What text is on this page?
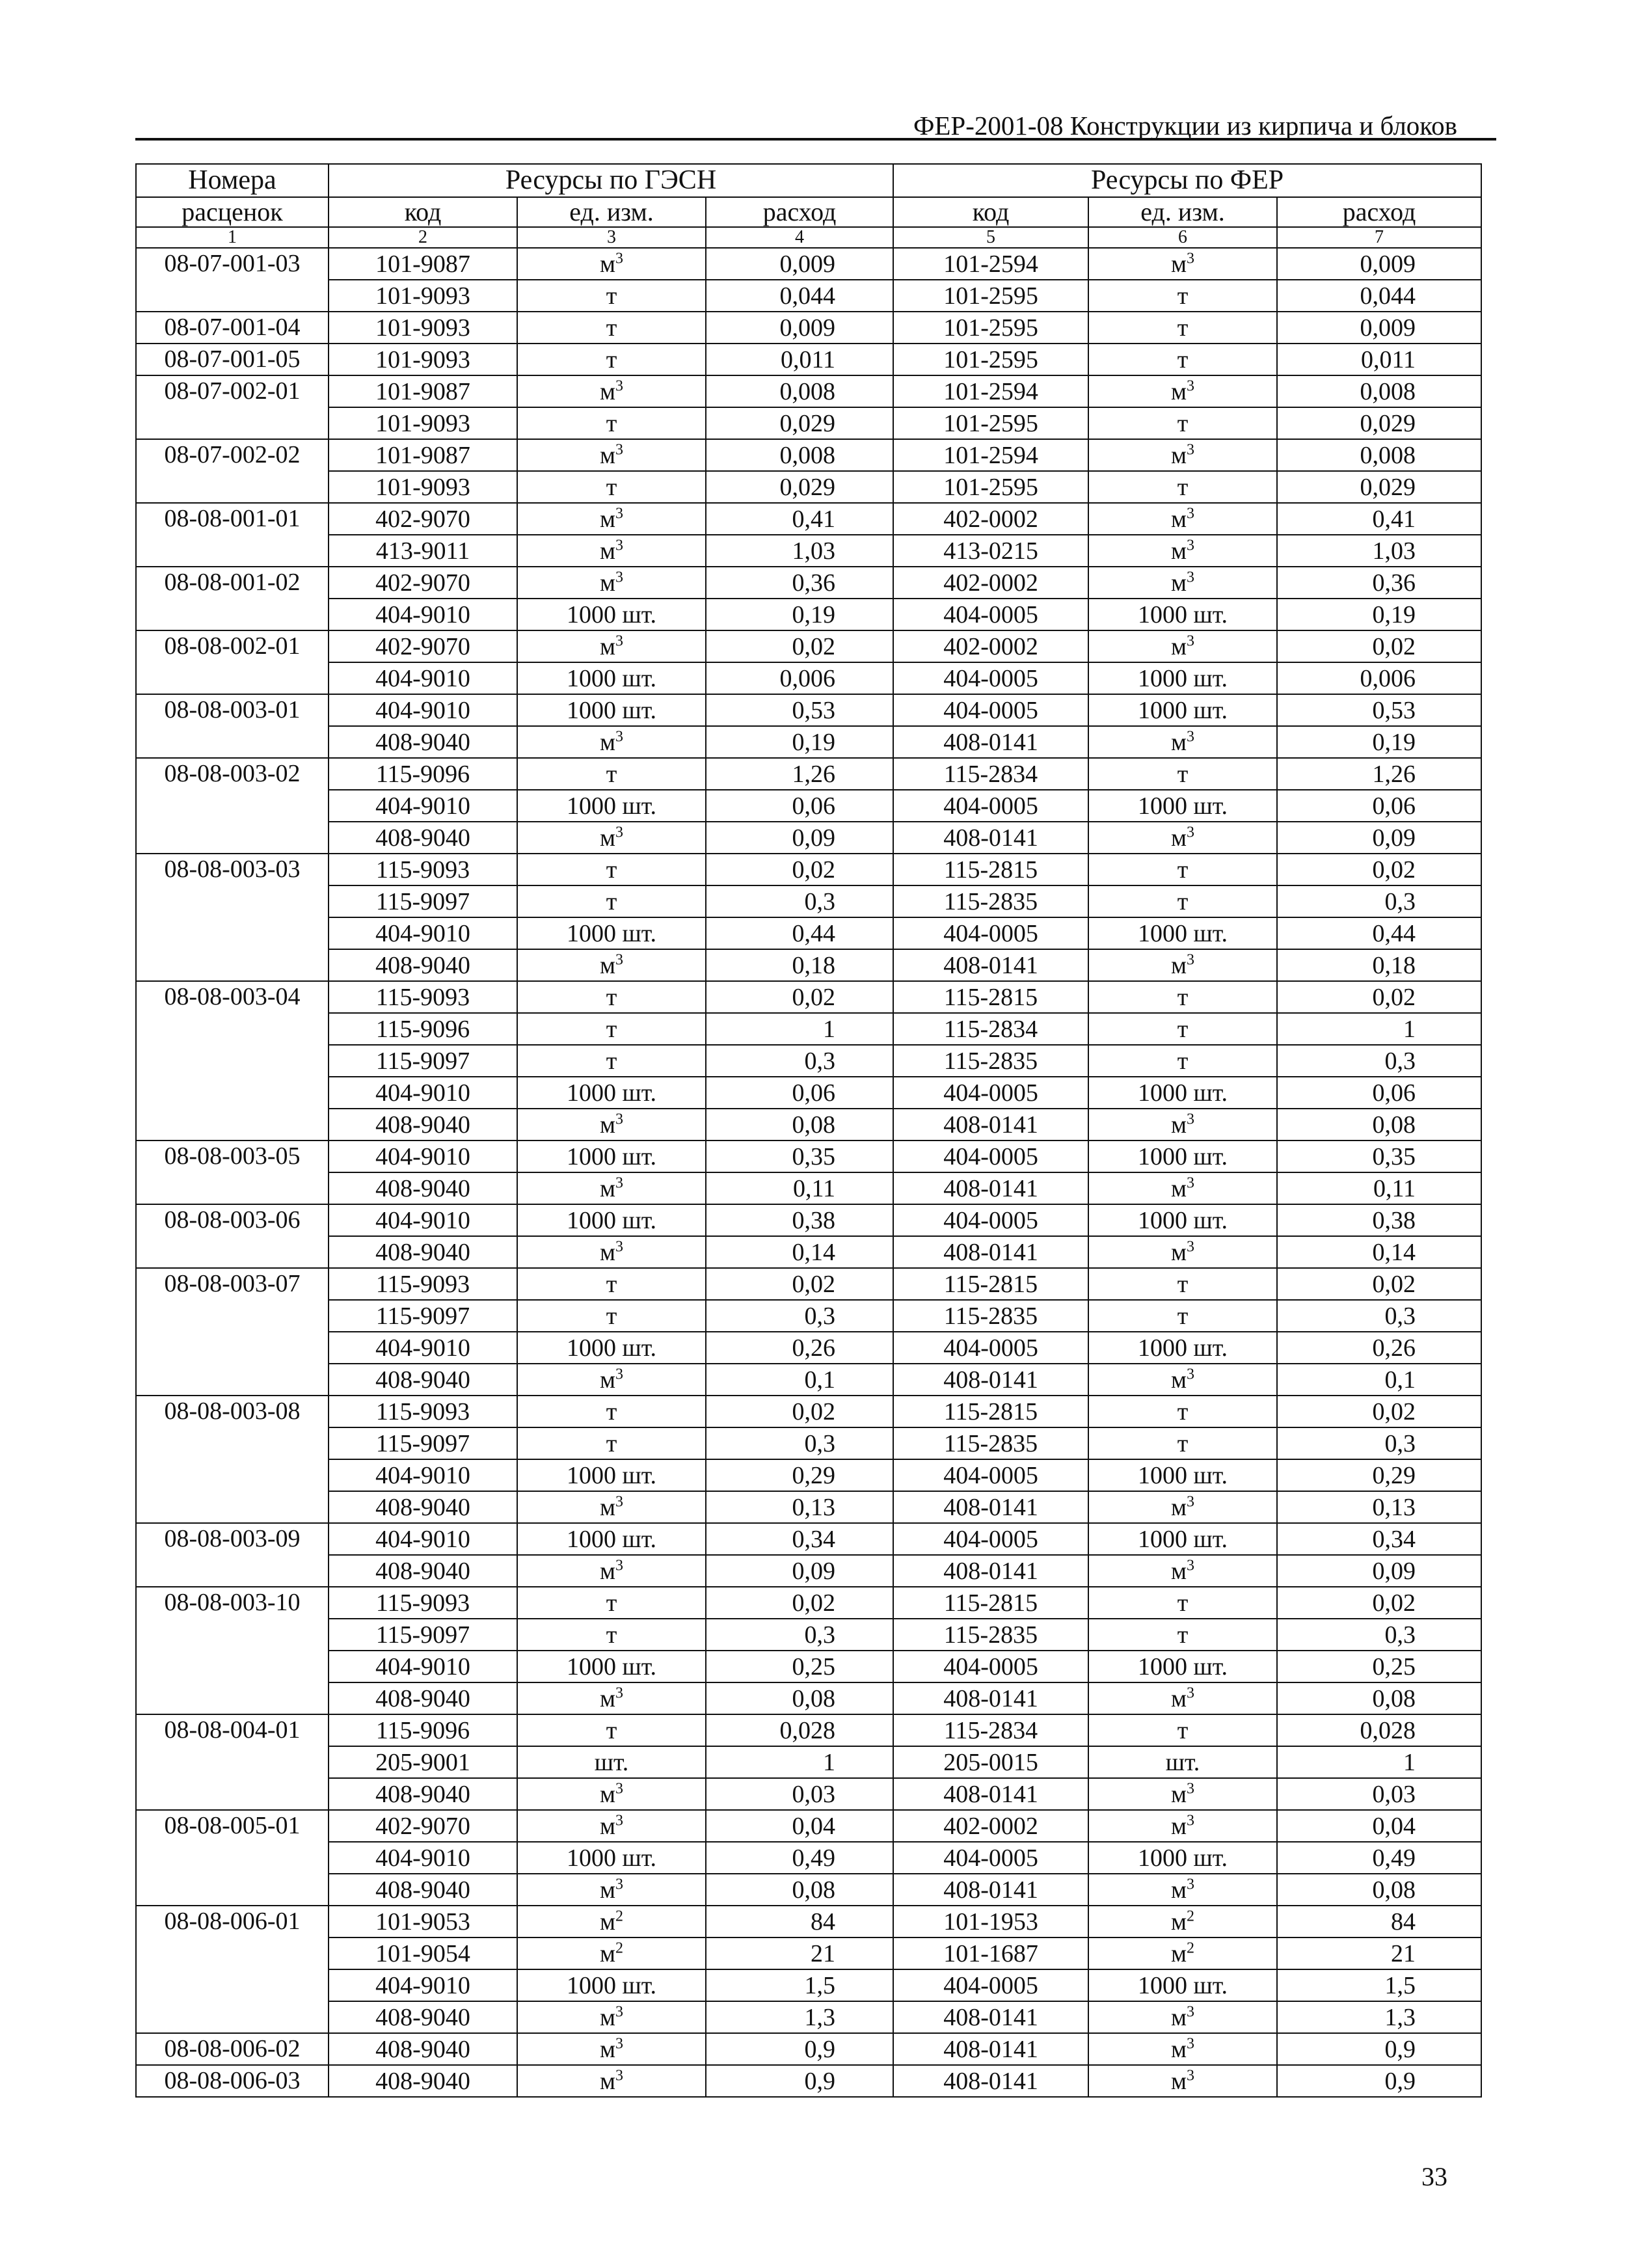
ФЕР-2001-08 Конструкции из кирпича и блоков
Номера	Ресурсы по ГЭСН			Ресурсы по ФЕР		
расценок	код	ед. изм.	расход	код	ед. изм.	расход
1	2	3	4	5	6	7
08-07-001-03	101-9087	$м^3$	0,009	101-2594	$м^3$	0,009
	101-9093	т	0,044	101-2595	т	0,044
08-07-001-04	101-9093	т	0,009	101-2595	т	0,009
08-07-001-05	101-9093	т	0,011	101-2595	т	0,011
08-07-002-01	101-9087	$м^3$	0,008	101-2594	$м^3$	0,008
	101-9093	т	0,029	101-2595	т	0,029
08-07-002-02	101-9087	$м^3$	0,008	101-2594	$м^3$	0,008
	101-9093	т	0,029	101-2595	т	0,029
08-08-001-01	402-9070	$м^3$	0,41	402-0002	$м^3$	0,41
	413-9011	$м^3$	1,03	413-0215	$м^3$	1,03
08-08-001-02	402-9070	$м^3$	0,36	402-0002	$м^3$	0,36
	404-9010	1000 шт.	0,19	404-0005	1000 шт.	0,19
08-08-002-01	402-9070	$м^3$	0,02	402-0002	$м^3$	0,02
	404-9010	1000 шт.	0,006	404-0005	1000 шт.	0,006
08-08-003-01	404-9010	1000 шт.	0,53	404-0005	1000 шт.	0,53
	408-9040	$м^3$	0,19	408-0141	$м^3$	0,19
08-08-003-02	115-9096	т	1,26	115-2834	т	1,26
	404-9010	1000 шт.	0,06	404-0005	1000 шт.	0,06
	408-9040	$м^3$	0,09	408-0141	$м^3$	0,09
08-08-003-03	115-9093	т	0,02	115-2815	т	0,02
	115-9097	т	0,3	115-2835	т	0,3
	404-9010	1000 шт.	0,44	404-0005	1000 шт.	0,44
	408-9040	$м^3$	0,18	408-0141	$м^3$	0,18
08-08-003-04	115-9093	т	0,02	115-2815	т	0,02
	115-9096	т	1	115-2834	т	1
	115-9097	т	0,3	115-2835	т	0,3
	404-9010	1000 шт.	0,06	404-0005	1000 шт.	0,06
	408-9040	$м^3$	0,08	408-0141	$м^3$	0,08
08-08-003-05	404-9010	1000 шт.	0,35	404-0005	1000 шт.	0,35
	408-9040	$м^3$	0,11	408-0141	$м^3$	0,11
08-08-003-06	404-9010	1000 шт.	0,38	404-0005	1000 шт.	0,38
	408-9040	$м^3$	0,14	408-0141	$м^3$	0,14
08-08-003-07	115-9093	т	0,02	115-2815	т	0,02
	115-9097	т	0,3	115-2835	т	0,3
	404-9010	1000 шт.	0,26	404-0005	1000 шт.	0,26
	408-9040	$м^3$	0,1	408-0141	$м^3$	0,1
08-08-003-08	115-9093	т	0,02	115-2815	т	0,02
	115-9097	т	0,3	115-2835	т	0,3
	404-9010	1000 шт.	0,29	404-0005	1000 шт.	0,29
	408-9040	$м^3$	0,13	408-0141	$м^3$	0,13
08-08-003-09	404-9010	1000 шт.	0,34	404-0005	1000 шт.	0,34
	408-9040	$м^3$	0,09	408-0141	$м^3$	0,09
08-08-003-10	115-9093	т	0,02	115-2815	т	0,02
	115-9097	т	0,3	115-2835	т	0,3
	404-9010	1000 шт.	0,25	404-0005	1000 шт.	0,25
	408-9040	$м^3$	0,08	408-0141	$м^3$	0,08
08-08-004-01	115-9096	т	0,028	115-2834	т	0,028
	205-9001	шт.	1	205-0015	шт.	1
	408-9040	$м^3$	0,03	408-0141	$м^3$	0,03
08-08-005-01	402-9070	$м^3$	0,04	402-0002	$м^3$	0,04
	404-9010	1000 шт.	0,49	404-0005	1000 шт.	0,49
	408-9040	$м^3$	0,08	408-0141	$м^3$	0,08
08-08-006-01	101-9053	$м^2$	84	101-1953	$м^2$	84
	101-9054	$м^2$	21	101-1687	$м^2$	21
	404-9010	1000 шт.	1,5	404-0005	1000 шт.	1,5
	408-9040	$м^3$	1,3	408-0141	$м^3$	1,3
08-08-006-02	408-9040	$м^3$	0,9	408-0141	$м^3$	0,9
08-08-006-03	408-9040	$м^3$	0,9	408-0141	$м^3$	0,9
33
